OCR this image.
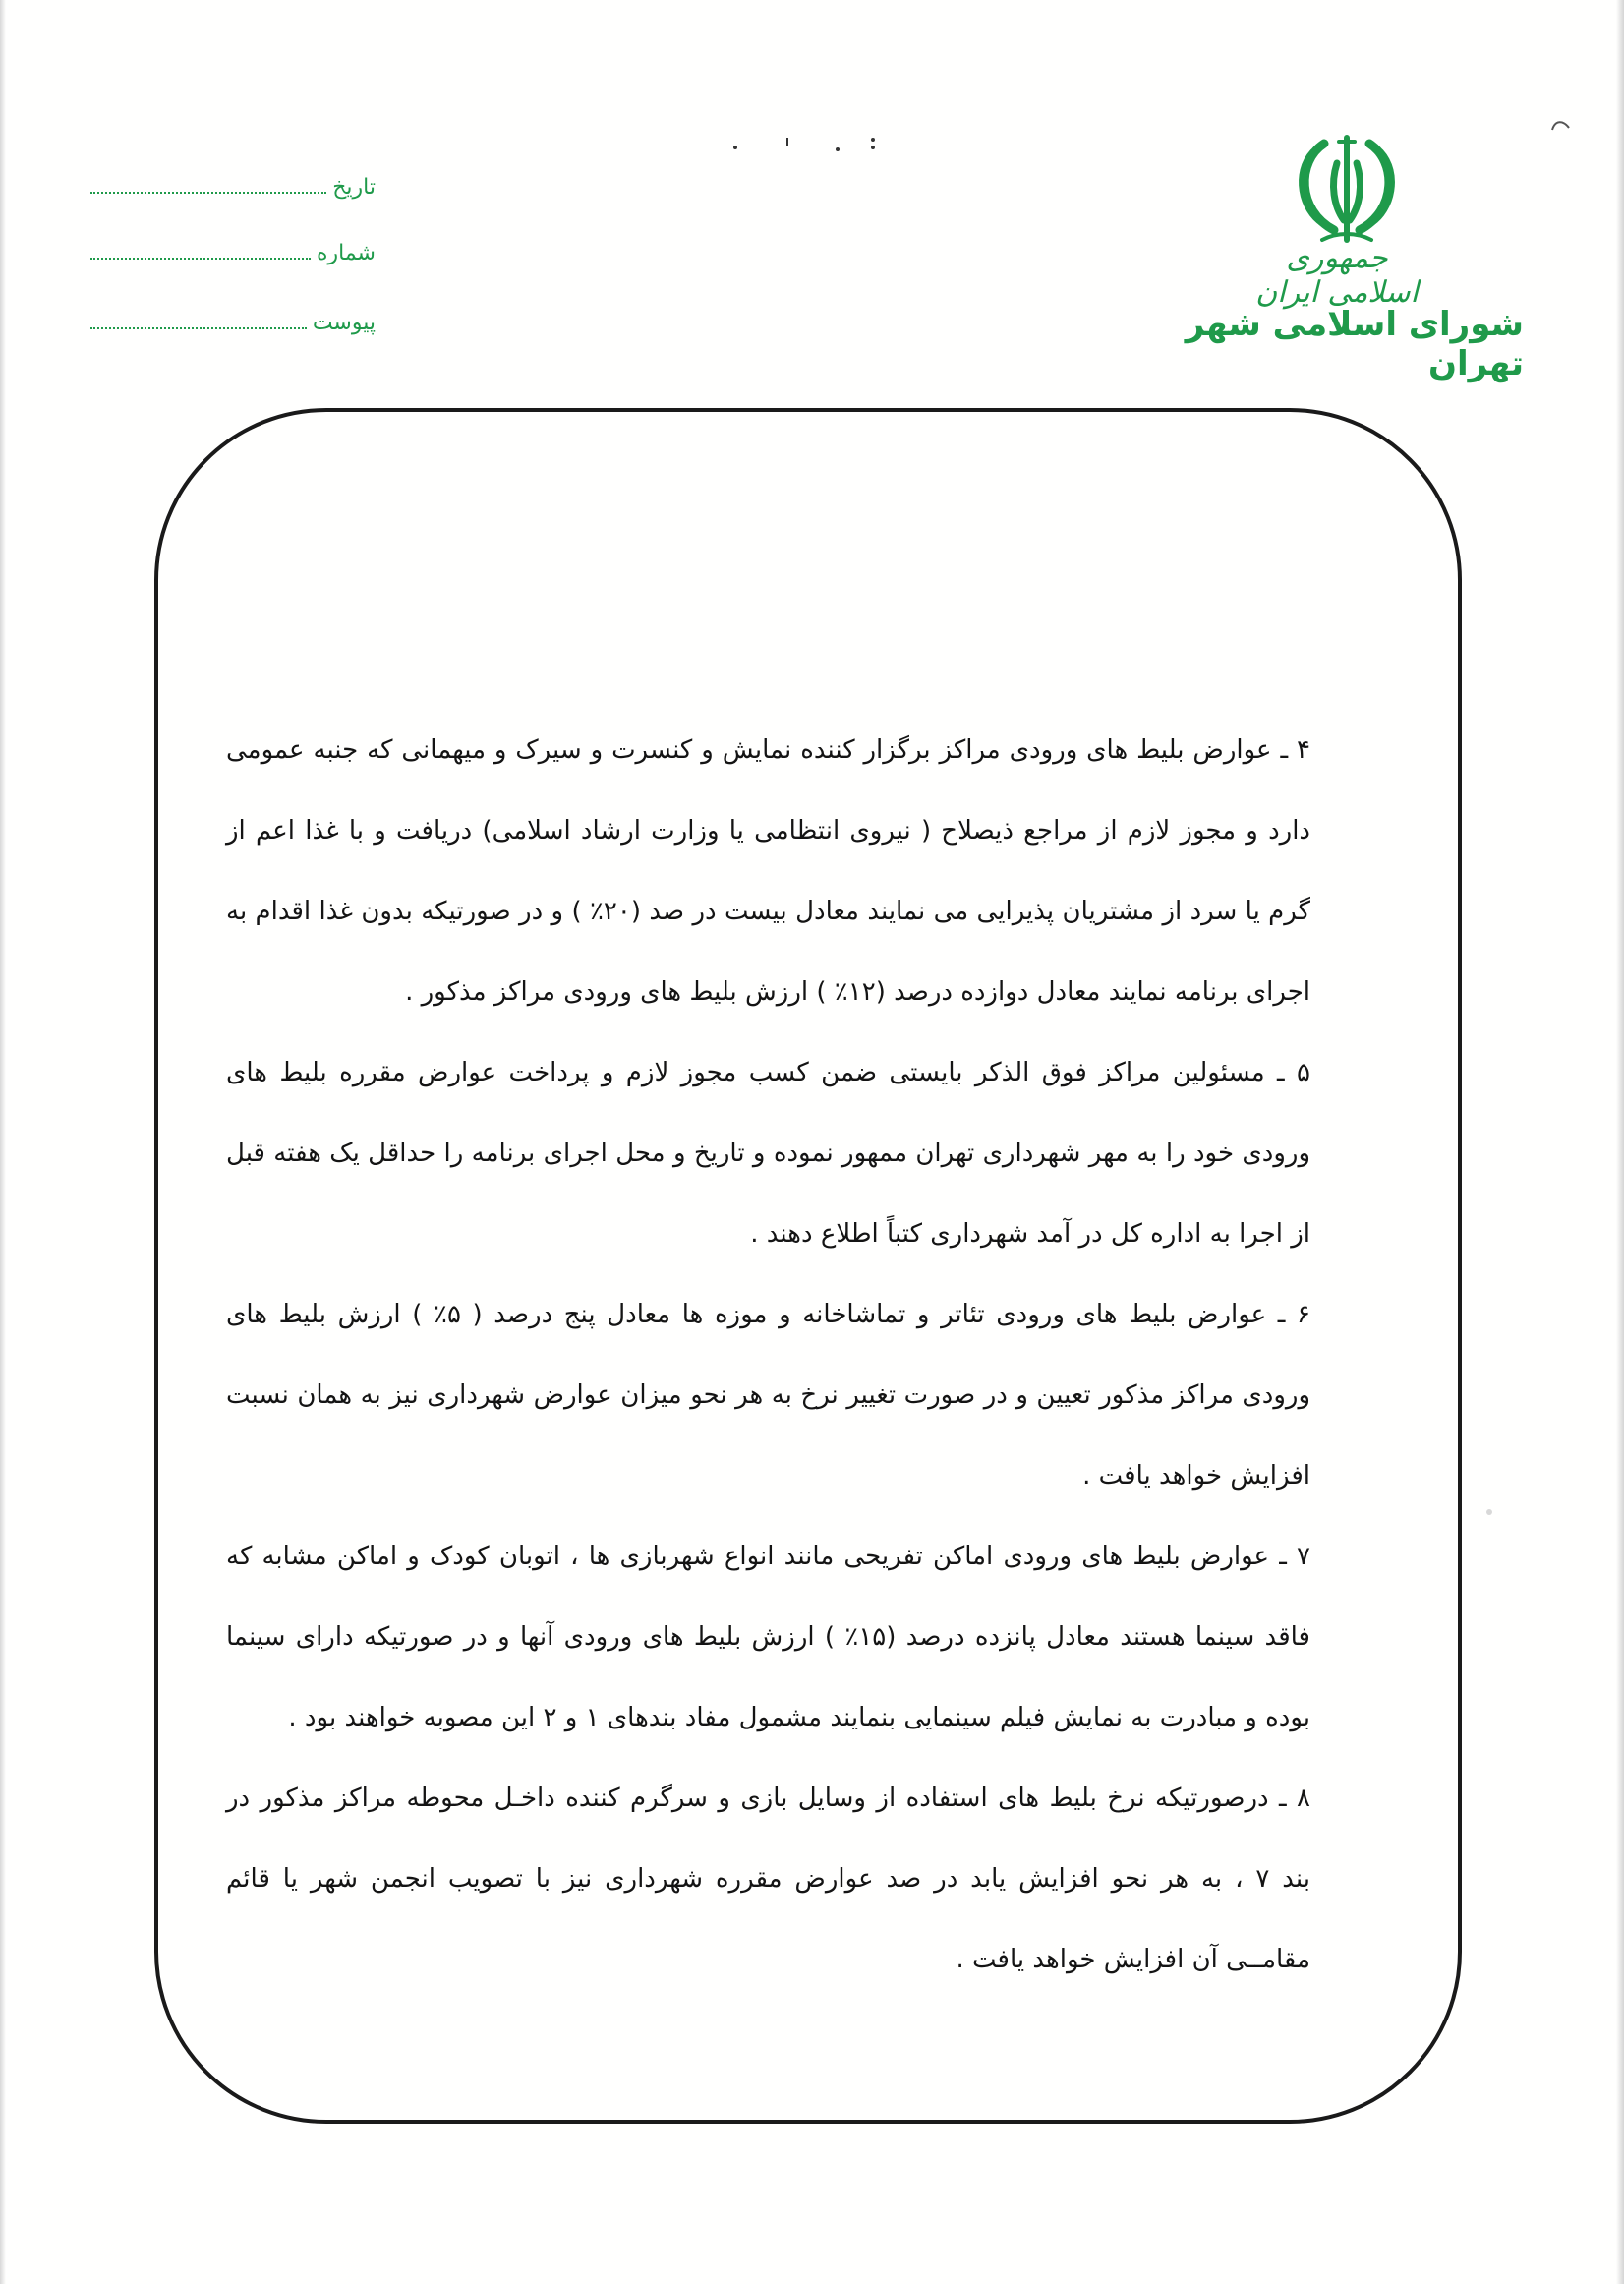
جمهوری اسلامی ایران
شورای اسلامی شهر تهران
تاریخ
شماره
پیوست

۴ ـ عوارض بلیط های ورودی مراکز برگزار کننده نمایش و کنسرت و سیرک و میهمانی که جنبه عمومی دارد و مجوز لازم از مراجع ذیصلاح ( نیروی انتظامی یا وزارت ارشاد اسلامی) دریافت و با غذا اعم از گرم یا سرد از مشتریان پذیرایی می نمایند معادل بیست در صد (۲۰٪ ) و در صورتیکه بدون غذا اقدام به اجرای برنامه نمایند معادل دوازده درصد (۱۲٪ ) ارزش بلیط های ورودی مراکز مذکور .

۵ ـ مسئولین مراکز فوق الذکر بایستی ضمن کسب مجوز لازم و پرداخت عوارض مقرره بلیط های ورودی خود را به مهر شهرداری تهران ممهور نموده و تاریخ و محل اجرای برنامه را حداقل یک هفته قبل از اجرا به اداره کل در آمد شهرداری کتباً اطلاع دهند .

۶ ـ عوارض بلیط های ورودی تئاتر و تماشاخانه و موزه ها معادل پنج درصد ( ۵٪ ) ارزش بلیط های ورودی مراکز مذکور تعیین و در صورت تغییر نرخ به هر نحو میزان عوارض شهرداری نیز به همان نسبت افزایش خواهد یافت .

۷ ـ عوارض بلیط های ورودی اماکن تفریحی مانند انواع شهربازی ها ، اتوبان کودک و اماکن مشابه که فاقد سینما هستند معادل پانزده درصد (۱۵٪ ) ارزش بلیط های ورودی آنها و در صورتیکه دارای سینما بوده و مبادرت به نمایش فیلم سینمایی بنمایند مشمول مفاد بندهای ۱ و ۲ این مصوبه خواهند بود .

۸ ـ درصورتیکه نرخ بلیط های استفاده از وسایل بازی و سرگرم کننده داخـل محوطه مراکز مذکور در بند ۷ ، به هر نحو افزایش یابد در صد عوارض مقرره شهرداری نیز با تصویب انجمن شهر یا قائم مقامــی آن افزایش خواهد یافت .
